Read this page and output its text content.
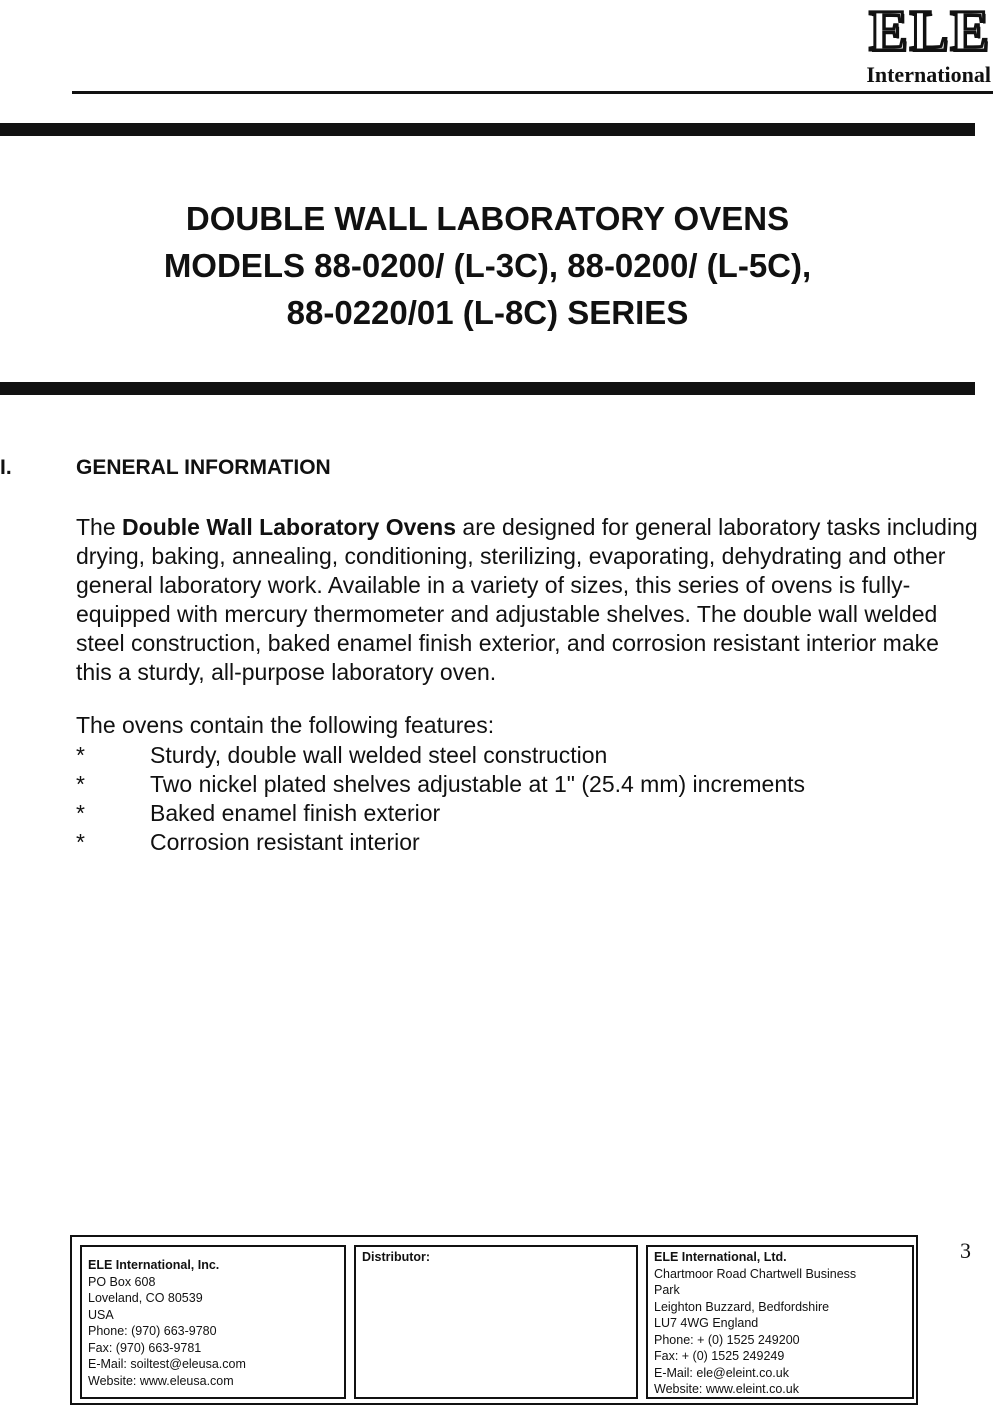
ELE
International
DOUBLE WALL LABORATORY OVENS
MODELS 88-0200/ (L-3C), 88-0200/ (L-5C),
88-0220/01 (L-8C) SERIES
I.	GENERAL INFORMATION
The Double Wall Laboratory Ovens are designed for general laboratory tasks including drying, baking, annealing, conditioning, sterilizing, evaporating, dehydrating and other general laboratory work. Available in a variety of sizes, this series of ovens is fully-equipped with mercury thermometer and adjustable shelves. The double wall welded steel construction, baked enamel finish exterior, and corrosion resistant interior make this a sturdy, all-purpose laboratory oven.
The ovens contain the following features:
*	Sturdy, double wall welded steel construction
*	Two nickel plated shelves adjustable at 1" (25.4 mm) increments
*	Baked enamel finish exterior
*	Corrosion resistant interior
3
ELE International, Inc.
PO Box 608
Loveland, CO 80539
USA
Phone: (970) 663-9780
Fax: (970) 663-9781
E-Mail: soiltest@eleusa.com
Website: www.eleusa.com
Distributor:	ELE International, Ltd.
Chartmoor Road Chartwell Business
Park
Leighton Buzzard, Bedfordshire
LU7 4WG England
Phone: + (0) 1525 249200
Fax: + (0) 1525 249249
E-Mail: ele@eleint.co.uk
Website: www.eleint.co.uk
